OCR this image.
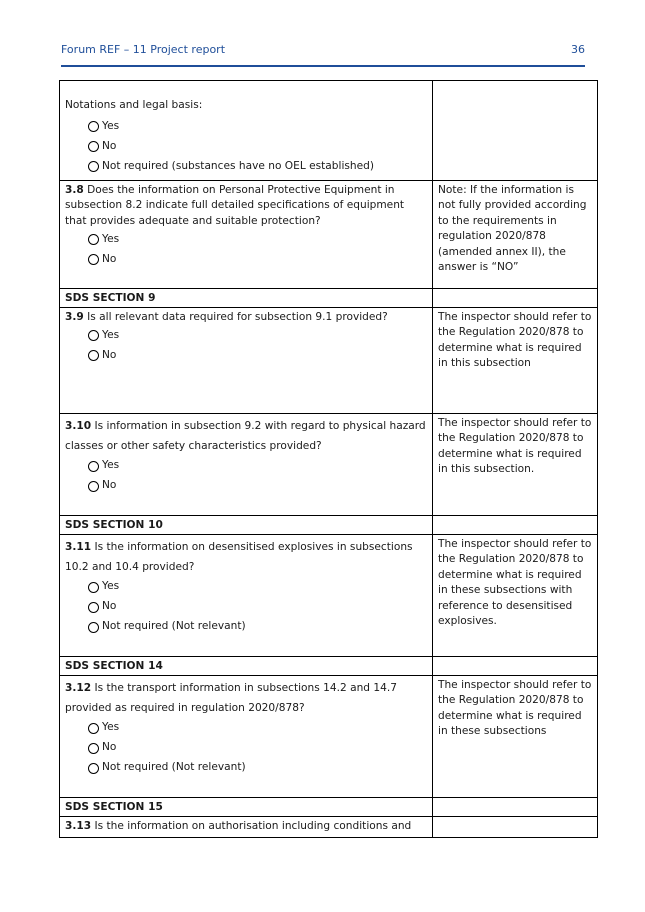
Forum REF – 11 Project report	36
Notations and legal basis:
Yes
No
Not required (substances have no OEL established)	

3.8 Does the information on Personal Protective Equipment in subsection 8.2 indicate full detailed specifications of equipment that provides adequate and suitable protection?
Yes
No	Note: If the information is not fully provided according to the requirements in regulation 2020/878 (amended annex II), the answer is “NO”
SDS SECTION 9	

3.9 Is all relevant data required for subsection 9.1 provided?
Yes
No	The inspector should refer to the Regulation 2020/878 to determine what is required in this subsection

3.10 Is information in subsection 9.2 with regard to physical hazard classes or other safety characteristics provided?
Yes
No	The inspector should refer to the Regulation 2020/878 to determine what is required in this subsection.
SDS SECTION 10	

3.11 Is the information on desensitised explosives in subsections 10.2 and 10.4 provided?
Yes
No
Not required (Not relevant)	The inspector should refer to the Regulation 2020/878 to determine what is required in these subsections with reference to desensitised explosives.
SDS SECTION 14	

3.12 Is the transport information in subsections 14.2 and 14.7 provided as required in regulation 2020/878?
Yes
No
Not required (Not relevant)	The inspector should refer to the Regulation 2020/878 to determine what is required in these subsections
SDS SECTION 15	

3.13 Is the information on authorisation including conditions and	
